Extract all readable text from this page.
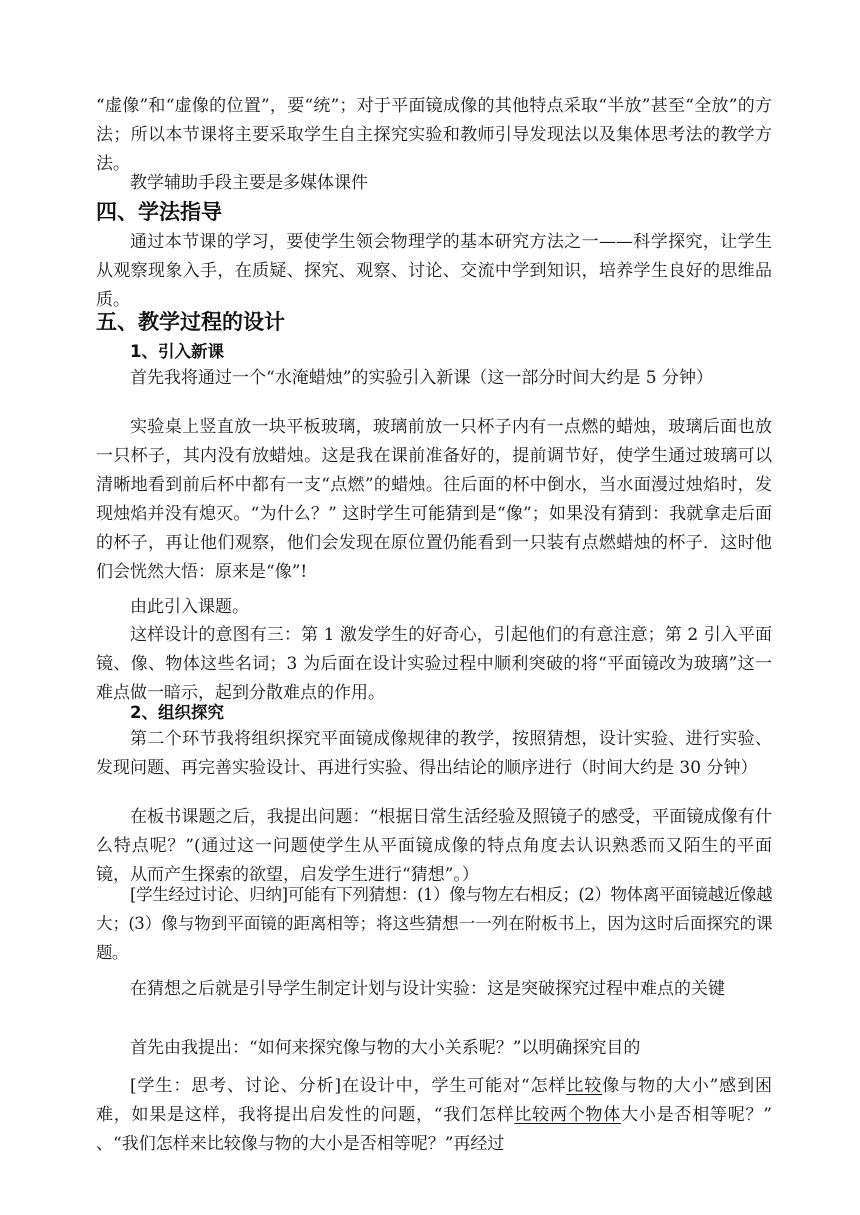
“虚像”和“虚像的位置”，要“统”；对于平面镜成像的其他特点采取“半放”甚至“全放”的方法；所以本节课将主要采取学生自主探究实验和教师引导发现法以及集体思考法的教学方法。
教学辅助手段主要是多媒体课件
四、学法指导
通过本节课的学习，要使学生领会物理学的基本研究方法之一——科学探究，让学生从观察现象入手，在质疑、探究、观察、讨论、交流中学到知识，培养学生良好的思维品质。
五、教学过程的设计
1、引入新课
首先我将通过一个“水淹蜡烛”的实验引入新课（这一部分时间大约是 5 分钟）
实验桌上竖直放一块平板玻璃，玻璃前放一只杯子内有一点燃的蜡烛，玻璃后面也放一只杯子，其内没有放蜡烛。这是我在课前准备好的，提前调节好，使学生通过玻璃可以清晰地看到前后杯中都有一支“点燃”的蜡烛。往后面的杯中倒水，当水面漫过烛焰时，发现烛焰并没有熄灭。“为什么？” 这时学生可能猜到是“像”；如果没有猜到：我就拿走后面的杯子，再让他们观察，他们会发现在原位置仍能看到一只装有点燃蜡烛的杯子．这时他们会恍然大悟：原来是“像”!
由此引入课题。
这样设计的意图有三：第 1 激发学生的好奇心，引起他们的有意注意；第 2 引入平面镜、像、物体这些名词；3 为后面在设计实验过程中顺利突破的将“平面镜改为玻璃”这一难点做一暗示，起到分散难点的作用。
2、组织探究
第二个环节我将组织探究平面镜成像规律的教学，按照猜想，设计实验、进行实验、发现问题、再完善实验设计、再进行实验、得出结论的顺序进行（时间大约是 30 分钟）
在板书课题之后，我提出问题：“根据日常生活经验及照镜子的感受，平面镜成像有什么特点呢？”(通过这一问题使学生从平面镜成像的特点角度去认识熟悉而又陌生的平面镜，从而产生探索的欲望，启发学生进行“猜想”。）
[学生经过讨论、归纳]可能有下列猜想：(1）像与物左右相反；(2）物体离平面镜越近像越大；(3）像与物到平面镜的距离相等；将这些猜想一一列在附板书上，因为这时后面探究的课题。
在猜想之后就是引导学生制定计划与设计实验：这是突破探究过程中难点的关键
首先由我提出：“如何来探究像与物的大小关系呢？”以明确探究目的
[学生：思考、讨论、分析]在设计中，学生可能对“怎样比较像与物的大小”感到困难，如果是这样，我将提出启发性的问题，“我们怎样比较两个物体大小是否相等呢？” 、“我们怎样来比较像与物的大小是否相等呢？”再经过
